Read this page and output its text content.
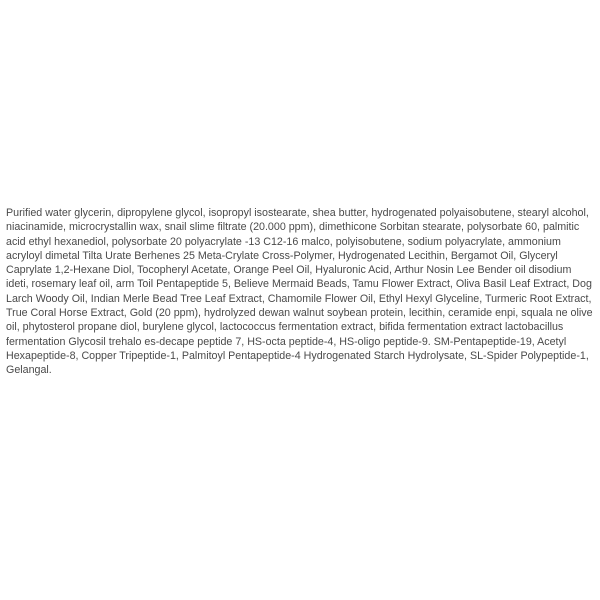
Purified water glycerin, dipropylene glycol, isopropyl isostearate, shea butter, hydrogenated polyaisobutene, stearyl alcohol, niacinamide, microcrystallin wax, snail slime filtrate (20.000 ppm), dimethicone Sorbitan stearate, polysorbate 60, palmitic acid ethyl hexanediol, polysorbate 20 polyacrylate -13 C12-16 malco, polyisobutene, sodium polyacrylate, ammonium acryloyl dimetal Tilta Urate Berhenes 25 Meta-Crylate Cross-Polymer, Hydrogenated Lecithin, Bergamot Oil, Glyceryl Caprylate 1,2-Hexane Diol, Tocopheryl Acetate, Orange Peel Oil, Hyaluronic Acid, Arthur Nosin Lee Bender oil disodium ideti, rosemary leaf oil, arm Toil Pentapeptide 5, Believe Mermaid Beads, Tamu Flower Extract, Oliva Basil Leaf Extract, Dog Larch Woody Oil, Indian Merle Bead Tree Leaf Extract, Chamomile Flower Oil, Ethyl Hexyl Glyceline, Turmeric Root Extract, True Coral Horse Extract, Gold (20 ppm), hydrolyzed dewan walnut soybean protein, lecithin, ceramide enpi, squala ne olive oil, phytosterol propane diol, burylene glycol, lactococcus fermentation extract, bifida fermentation extract lactobacillus fermentation Glycosil trehalo es-decape peptide 7, HS-octa peptide-4, HS-oligo peptide-9. SM-Pentapeptide-19, Acetyl Hexapeptide-8, Copper Tripeptide-1, Palmitoyl Pentapeptide-4 Hydrogenated Starch Hydrolysate, SL-Spider Polypeptide-1, Gelangal.
